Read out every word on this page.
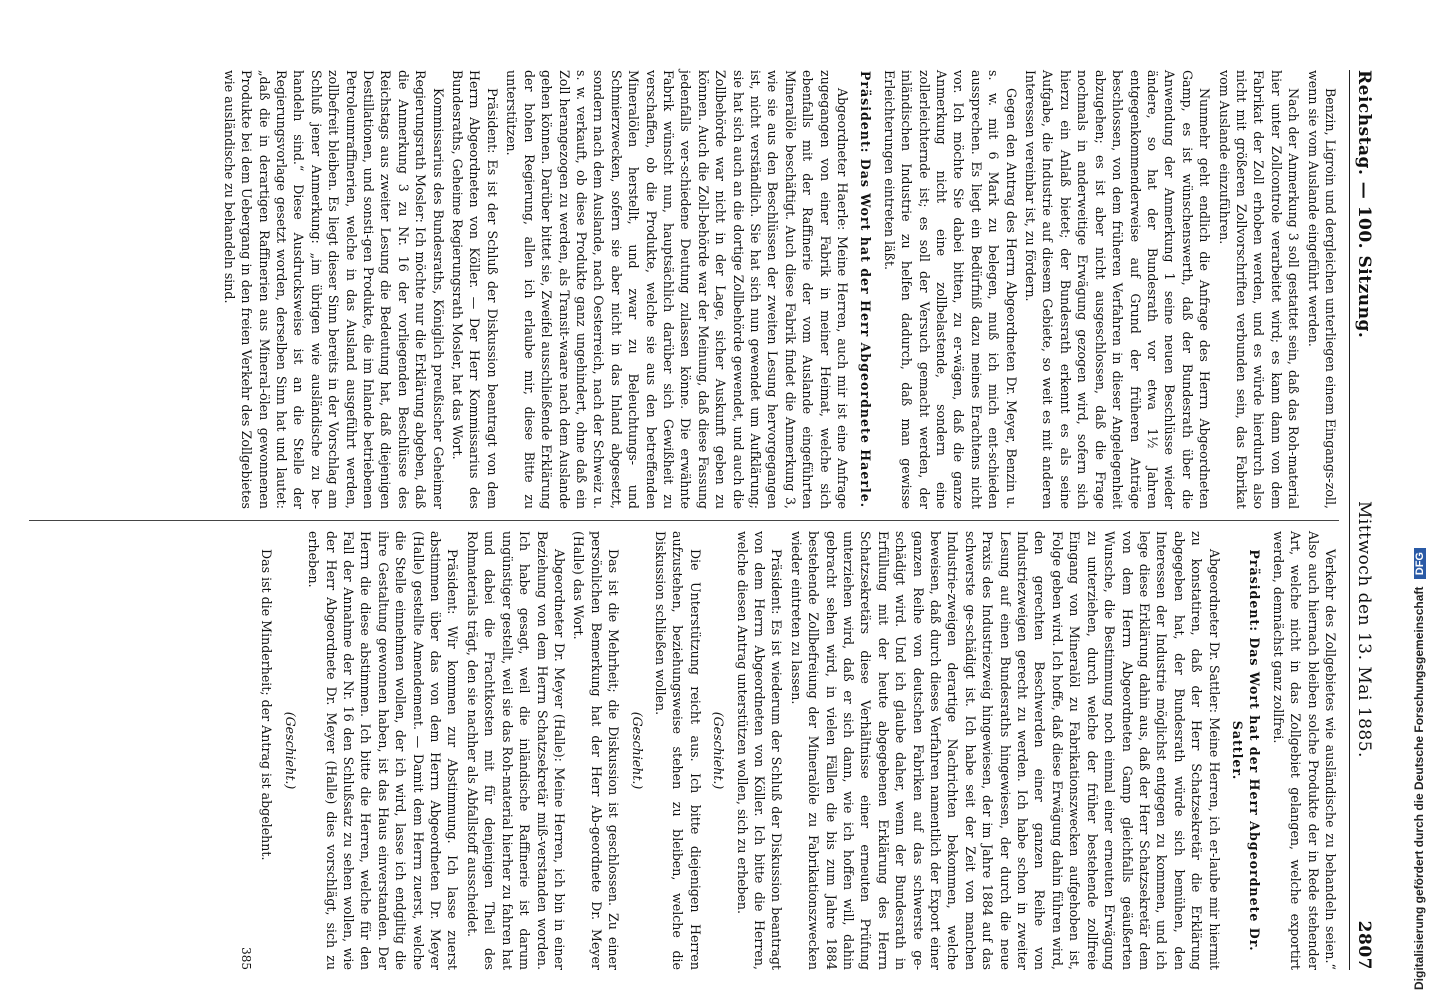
Reichstag. — 100. Sitzung.
Mittwoch den 13. Mai 1885.
2807

Benzin, Ligroin und dergleichen unterliegen einem Eingangs-zoll, wenn sie vom Auslande eingeführt werden.

Nach der Anmerkung 3 soll gestattet sein, daß das Roh-material hier unter Zollcontrole verarbeitet wird; es kann dann von dem Fabrikat der Zoll erhoben werden, und es würde hierdurch also nicht mit größeren Zollvorschriften verbunden sein, das Fabrikat vom Auslande einzuführen.

Nunmehr geht endlich die Anfrage des Herrn Abgeordneten Gamp, es ist wünschenswerth, daß der Bundesrath über die Anwendung der Anmerkung 1 seine neuen Beschlüsse wieder ändere, so hat der Bundesrath vor etwa 1½ Jahren entgegenkommenderweise auf Grund der früheren Anträge beschlossen, von dem früheren Verfahren in dieser Angelegenheit abzugehen; es ist aber nicht ausgeschlossen, daß die Frage nochmals in anderweitige Erwägung gezogen wird, sofern sich hierzu ein Anlaß bietet; der Bundesrath erkennt es als seine Aufgabe, die Industrie auf diesem Gebiete, so weit es mit anderen Interessen vereinbar ist, zu fördern.

Gegen den Antrag des Herrn Abgeordneten Dr. Meyer, Benzin u. s. w. mit 6 Mark zu belegen, muß ich mich ent-schieden aussprechen. Es liegt ein Bedürfniß dazu meines Erachtens nicht vor. Ich möchte Sie dabei bitten, zu er-wägen, daß die ganze Anmerkung nicht eine zollbelastende, sondern eine zollerleichternde ist; es soll der Versuch gemacht werden, der inländischen Industrie zu helfen dadurch, daß man gewisse Erleichterungen eintreten läßt.

Präsident: Das Wort hat der Herr Abgeordnete Haerle.

Abgeordneter Haerle: Meine Herren, auch mir ist eine Anfrage zugegangen von einer Fabrik in meiner Heimat, welche sich ebenfalls mit der Raffinerie der vom Auslande eingeführten Mineralöle beschäftigt. Auch diese Fabrik findet die Anmerkung 3, wie sie aus den Beschlüssen der zweiten Lesung hervorgegangen ist, nicht verständlich. Sie hat sich nun gewendet um Aufklärung; sie hat sich auch an die dortige Zollbehörde gewendet, und auch die Zollbehörde war nicht in der Lage, sicher Auskunft geben zu können. Auch die Zoll-behörde war der Meinung, daß diese Fassung jedenfalls ver-schiedene Deutung zulassen könne. Die erwähnte Fabrik wünscht nun, hauptsächlich darüber sich Gewißheit zu verschaffen, ob die Produkte, welche sie aus den betreffenden Mineralölen herstellt, und zwar zu Beleuchtungs- und Schmierzwecken, sofern sie aber nicht in das Inland abgesetzt, sondern nach dem Auslande, nach Oesterreich, nach der Schweiz u. s. w. verkauft, ob diese Produkte ganz ungehindert, ohne daß ein Zoll herangezogen zu werden, als Transit-waare nach dem Auslande gehen können. Darüber bittet sie, Zweifel ausschließende Erklärung der hohen Regierung, allen ich erlaube mir, diese Bitte zu unterstützen.

Präsident: Es ist der Schluß der Diskussion beantragt von dem Herrn Abgeordneten von Köller. — Der Herr Kommissarius des Bundesraths, Geheime Regierungsrath Mosler, hat das Wort.

Kommissarius des Bundesraths, Königlich preußischer Geheimer Regierungsrath Mosler: Ich möchte nur die Erklärung abgeben, daß die Anmerkung 3 zu Nr. 16 der vorliegenden Beschlüsse des Reichstags aus zweiter Lesung die Bedeutung hat, daß diejenigen Destillationen, und sonsti-gen Produkte, die im Inlande betriebenen Petroleumraffinerien, welche in das Ausland ausgeführt werden, zollbefreit bleiben. Es liegt dieser Sinn bereits in der Vorschlag am Schluß jener Anmerkung: „im übrigen wie ausländische zu be-handeln sind.“ Diese Ausdrucksweise ist an die Stelle der Regierungsvorlage gesetzt worden, derselben Sinn hat und lautet: „daß die in derartigen Raffinerien aus Mineral-ölen gewonnenen Produkte bei dem Uebergang in den freien Verkehr des Zollgebietes wie ausländische zu behandeln sind.

Verkehr des Zollgebietes wie ausländische zu behandeln seien.“ Also auch hiernach bleiben solche Produkte der in Rede stehender Art, welche nicht in das Zollgebiet gelangen, welche exportirt werden, demnächst ganz zollfrei.

Präsident: Das Wort hat der Herr Abgeordnete Dr. Sattler.

Abgeordneter Dr. Sattler: Meine Herren, ich er-laube mir hiermit zu konstatiren, daß der Herr Schatzsekretär die Erklärung abgegeben hat, der Bundesrath würde sich bemühen, den Interessen der Industrie möglichst entgegen zu kommen, und ich lege diese Erklärung dahin aus, daß der Herr Schatzsekretär dem von dem Herrn Abgeordneten Gamp gleichfalls geäußerten Wunsche, die Bestimmung noch einmal einer erneuten Erwägung zu unterziehen, durch welche der früher bestehende zollfreie Eingang von Mineralöl zu Fabrikationszwecken aufgehoben ist, Folge geben wird. Ich hoffe, daß diese Erwägung dahin führen wird, den gerechten Beschwerden einer ganzen Reihe von Industriezweigen gerecht zu werden. Ich habe schon in zweiter Lesung auf einen Bundesraths hingewiesen, der durch die neue Praxis des Industriezweig hingewiesen, der im Jahre 1884 auf das schwerste ge-schädigt ist. Ich habe seit der Zeit von manchen Industrie-zweigen derartige Nachrichten bekommen, welche beweisen, daß durch dieses Verfahren namentlich der Export einer ganzen Reihe von deutschen Fabriken auf das schwerste ge-schädigt wird. Und ich glaube daher, wenn der Bundesrath in Erfüllung mit der heute abgegebenen Erklärung des Herrn Schatzsekretärs diese Verhältnisse einer erneuten Prüfung unterziehen wird, daß er sich dann, wie ich hoffen will, dahin gebracht sehen wird, in vielen Fällen die bis zum Jahre 1884 bestehende Zollbefreiung der Mineralöle zu Fabrikationszwecken wieder eintreten zu lassen.

Präsident: Es ist wiederum der Schluß der Diskussion beantragt von dem Herrn Abgeordneten von Köller. Ich bitte die Herren, welche diesen Antrag unterstützen wollen, sich zu erheben.

(Geschieht.)

Die Unterstützung reicht aus. Ich bitte diejenigen Herren aufzustehen, beziehungsweise stehen zu bleiben, welche die Diskussion schließen wollen.

(Geschieht.)

Das ist die Mehrheit; die Diskussion ist geschlossen. Zu einer persönlichen Bemerkung hat der Herr Ab-geordnete Dr. Meyer (Halle) das Wort.

Abgeordneter Dr. Meyer (Halle): Meine Herren, ich bin in einer Beziehung von dem Herrn Schatzsekretär miß-verstanden worden. Ich habe gesagt, weil die inländische Raffinerie ist darum ungünstiger gestellt, weil sie das Roh-material hierher zu fahren hat und dabei die Frachtkosten mit für denjenigen Theil des Rohmaterials trägt, den sie nachher als Abfallstoff ausscheidet.

Präsident: Wir kommen zur Abstimmung. Ich lasse zuerst abstimmen über das von dem Herrn Abgeordneten Dr. Meyer (Halle) gestellte Amendement. — Damit dem Herrn zuerst, welche die Stelle einnehmen wollen, der ich wird, lasse ich endgiltig die ihre Gestaltung gewonnen haben, ist das Haus einverstanden. Der Herrn die diese abstimmen. Ich bitte die Herren, welche für den Fall der Annahme der Nr. 16 den Schlußsatz zu sehen wollen, wie der Herr Abgeordnete Dr. Meyer (Halle) dies vorschlägt, sich zu erheben.

(Geschieht.)

Das ist die Minderheit; der Antrag ist abgelehnt.

385	Digitalisierung gefördert durch die Deutsche Forschungsgemeinschaft DFG
